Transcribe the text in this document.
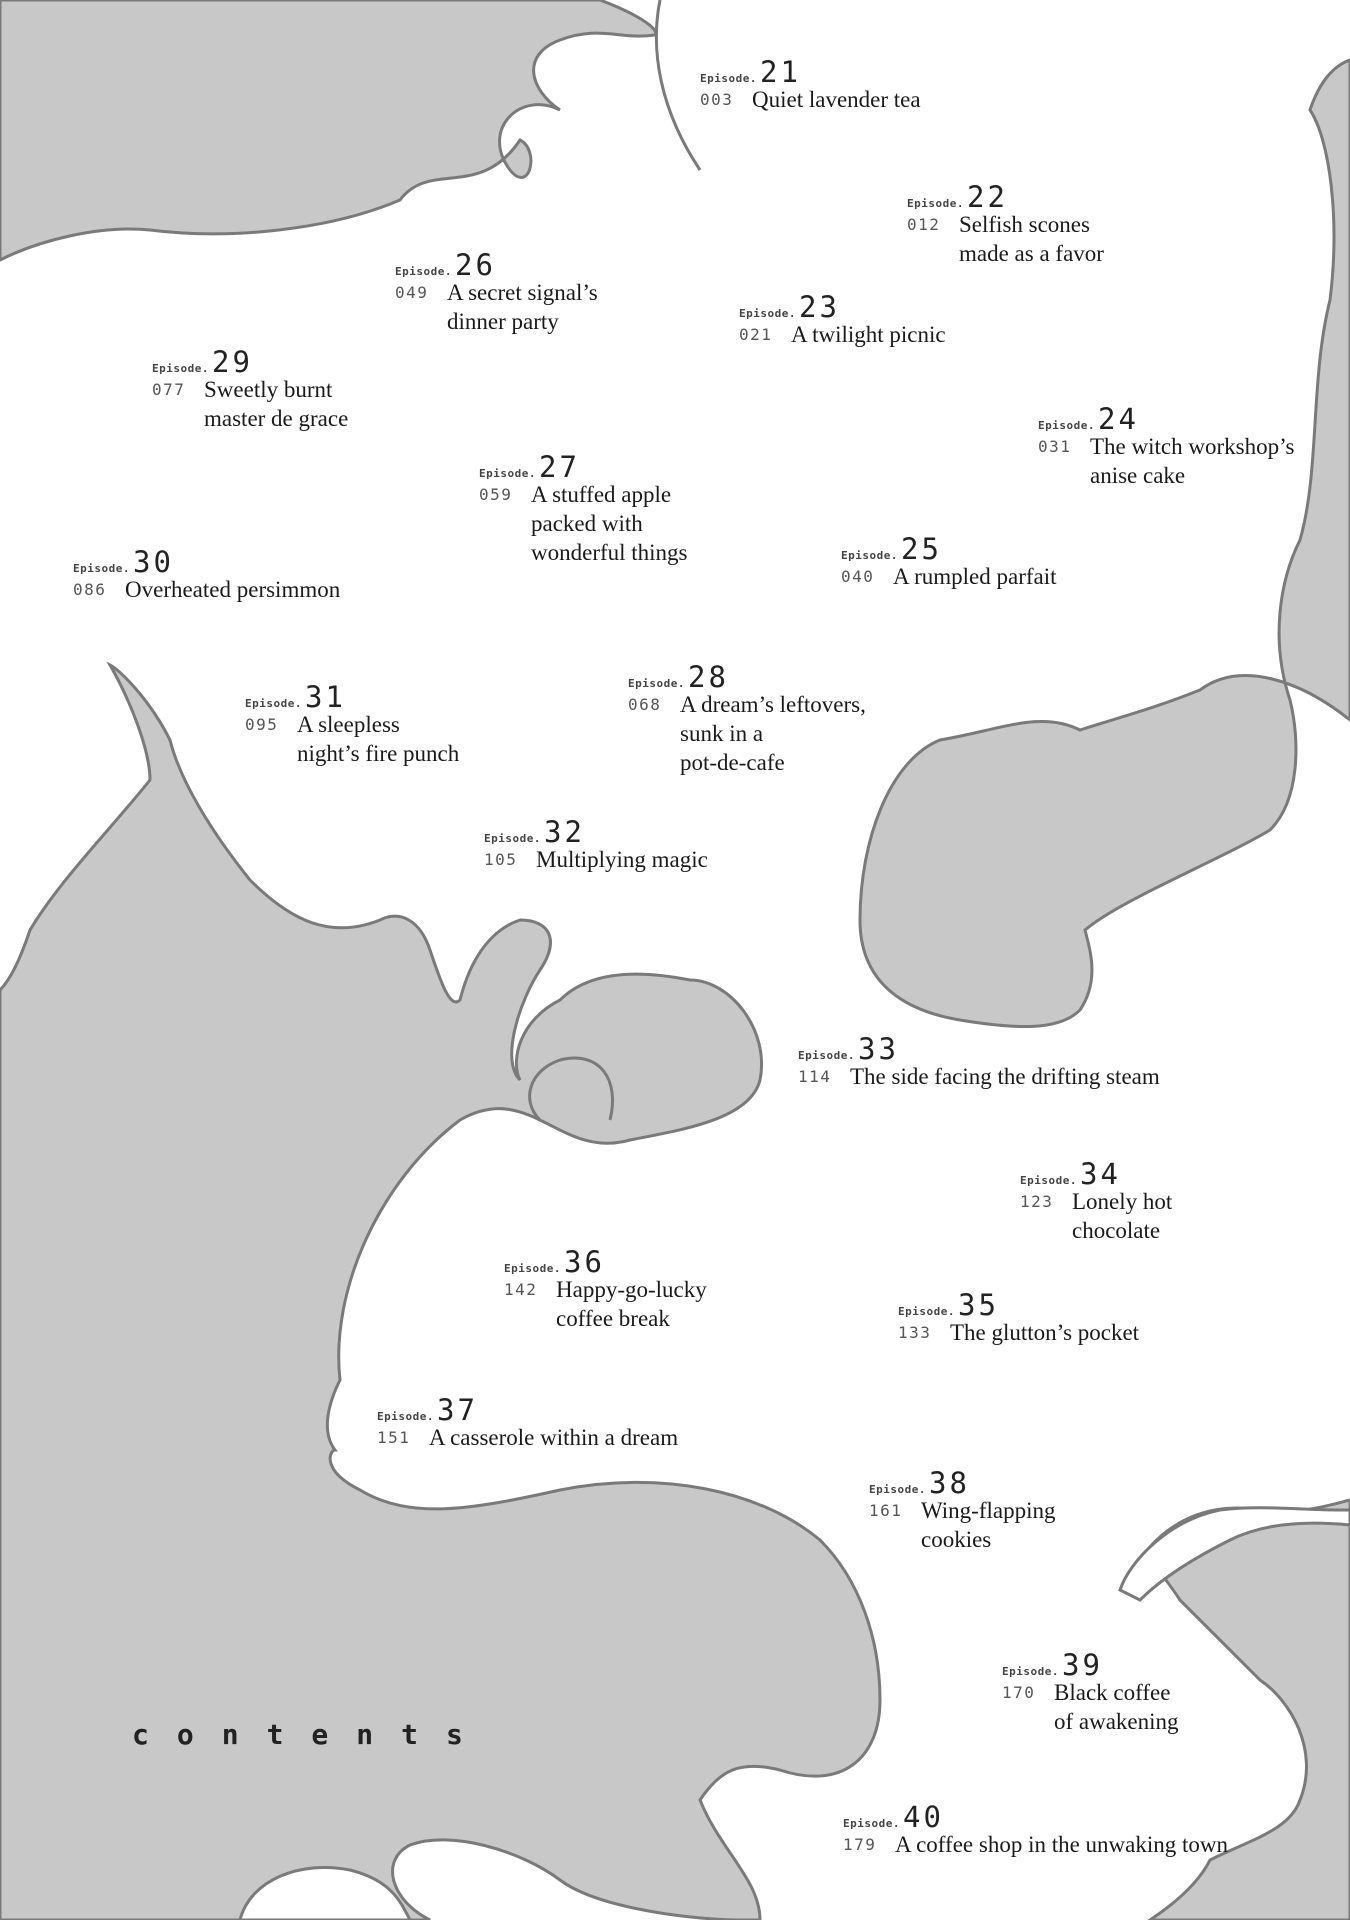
Episode. 21
003 Quiet lavender tea
Episode. 22
012 Selfish scones
made as a favor
Episode. 23
021 A twilight picnic
Episode. 24
031 The witch workshop’s
anise cake
Episode. 25
040 A rumpled parfait
Episode. 26
049 A secret signal’s
dinner party
Episode. 27
059 A stuffed apple
packed with
wonderful things
Episode. 28
068 A dream’s leftovers,
sunk in a
pot-de-cafe
Episode. 29
077 Sweetly burnt
master de grace
Episode. 30
086 Overheated persimmon
Episode. 31
095 A sleepless
night’s fire punch
Episode. 32
105 Multiplying magic
Episode. 33
114 The side facing the drifting steam
Episode. 34
123 Lonely hot
chocolate
Episode. 35
133 The glutton’s pocket
Episode. 36
142 Happy-go-lucky
coffee break
Episode. 37
151 A casserole within a dream
Episode. 38
161 Wing-flapping
cookies
Episode. 39
170 Black coffee
of awakening
Episode. 40
179 A coffee shop in the unwaking town
contents
